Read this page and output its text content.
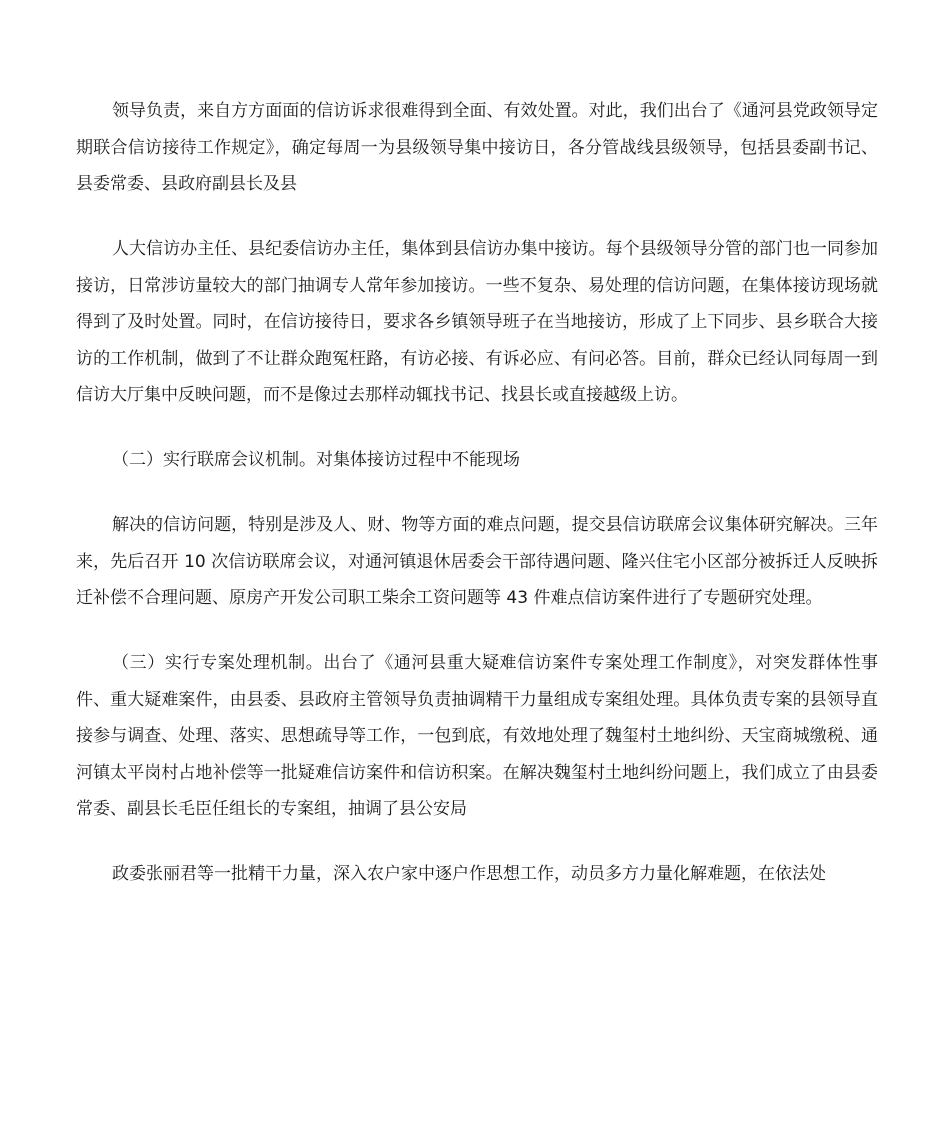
领导负责，来自方方面面的信访诉求很难得到全面、有效处置。对此，我们出台了《通河县党政领导定期联合信访接待工作规定》，确定每周一为县级领导集中接访日，各分管战线县级领导，包括县委副书记、县委常委、县政府副县长及县

人大信访办主任、县纪委信访办主任，集体到县信访办集中接访。每个县级领导分管的部门也一同参加接访，日常涉访量较大的部门抽调专人常年参加接访。一些不复杂、易处理的信访问题，在集体接访现场就得到了及时处置。同时，在信访接待日，要求各乡镇领导班子在当地接访，形成了上下同步、县乡联合大接访的工作机制，做到了不让群众跑冤枉路，有访必接、有诉必应、有问必答。目前，群众已经认同每周一到信访大厅集中反映问题，而不是像过去那样动辄找书记、找县长或直接越级上访。

（二）实行联席会议机制。对集体接访过程中不能现场

解决的信访问题，特别是涉及人、财、物等方面的难点问题，提交县信访联席会议集体研究解决。三年来，先后召开 10 次信访联席会议，对通河镇退休居委会干部待遇问题、隆兴住宅小区部分被拆迁人反映拆迁补偿不合理问题、原房产开发公司职工柴余工资问题等 43 件难点信访案件进行了专题研究处理。

（三）实行专案处理机制。出台了《通河县重大疑难信访案件专案处理工作制度》，对突发群体性事件、重大疑难案件，由县委、县政府主管领导负责抽调精干力量组成专案组处理。具体负责专案的县领导直接参与调查、处理、落实、思想疏导等工作，一包到底，有效地处理了魏玺村土地纠纷、天宝商城缴税、通河镇太平岗村占地补偿等一批疑难信访案件和信访积案。在解决魏玺村土地纠纷问题上，我们成立了由县委常委、副县长毛臣任组长的专案组，抽调了县公安局

政委张丽君等一批精干力量，深入农户家中逐户作思想工作，动员多方力量化解难题，在依法处
